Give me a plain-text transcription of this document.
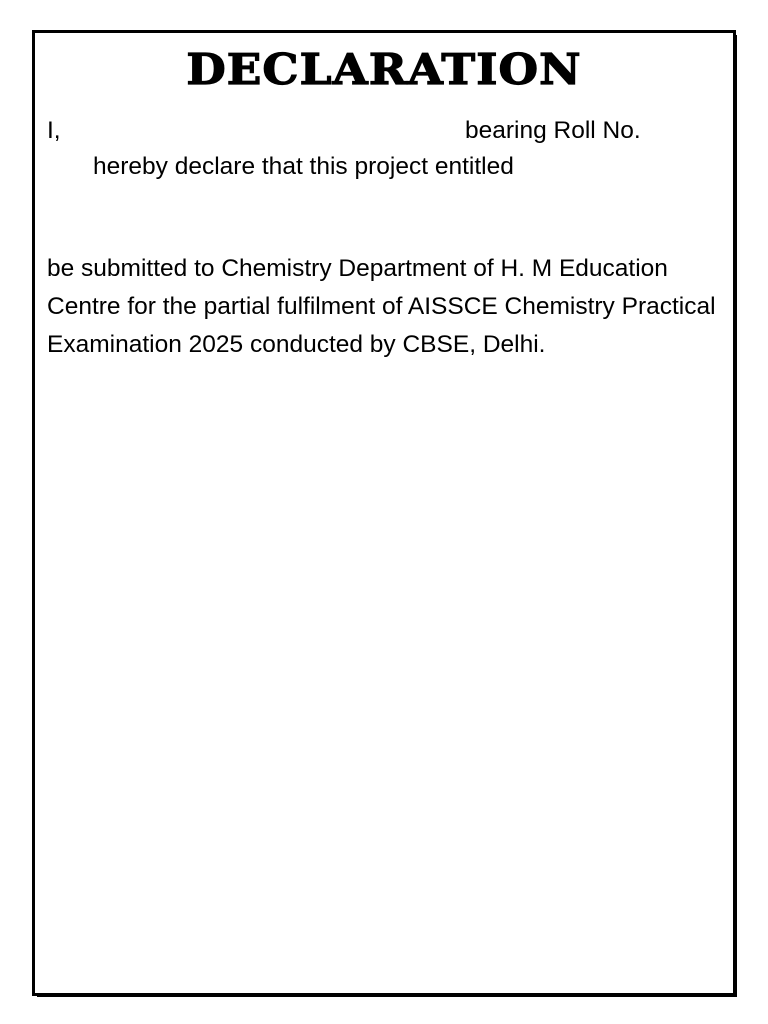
DECLARATION

I,	bearing Roll No.

hereby declare that this project entitled

be submitted to Chemistry Department of H. M Education Centre for the partial fulfilment of AISSCE Chemistry Practical Examination 2025 conducted by CBSE, Delhi.
